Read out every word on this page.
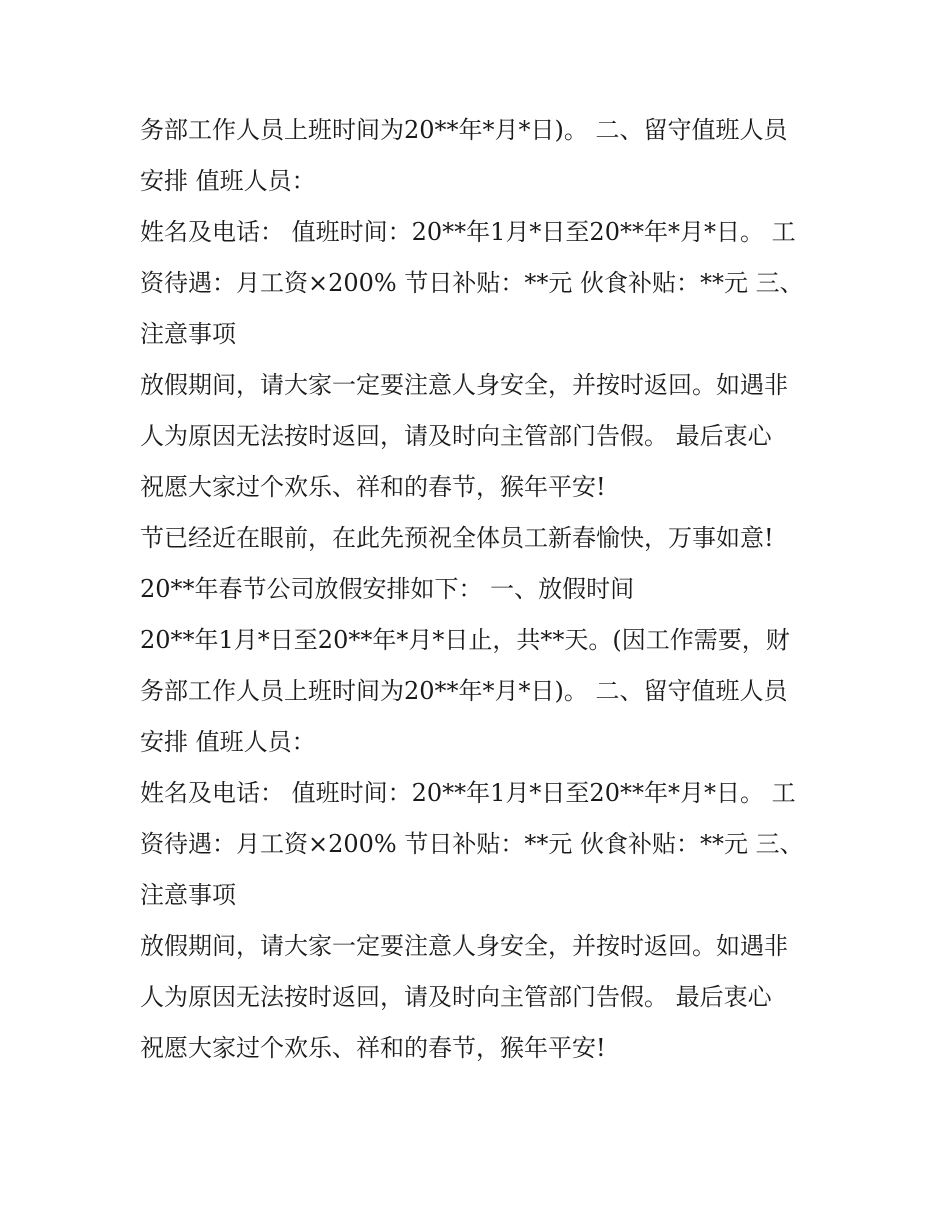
务部工作人员上班时间为20**年*月*日)。 二、留守值班人员
安排 值班人员：
姓名及电话： 值班时间：20**年1月*日至20**年*月*日。 工
资待遇：月工资×200% 节日补贴：**元 伙食补贴：**元 三、
注意事项
放假期间，请大家一定要注意人身安全，并按时返回。如遇非
人为原因无法按时返回，请及时向主管部门告假。 最后衷心
祝愿大家过个欢乐、祥和的春节，猴年平安!
节已经近在眼前，在此先预祝全体员工新春愉快，万事如意!
20**年春节公司放假安排如下： 一、放假时间
20**年1月*日至20**年*月*日止，共**天。(因工作需要，财
务部工作人员上班时间为20**年*月*日)。 二、留守值班人员
安排 值班人员：
姓名及电话： 值班时间：20**年1月*日至20**年*月*日。 工
资待遇：月工资×200% 节日补贴：**元 伙食补贴：**元 三、
注意事项
放假期间，请大家一定要注意人身安全，并按时返回。如遇非
人为原因无法按时返回，请及时向主管部门告假。 最后衷心
祝愿大家过个欢乐、祥和的春节，猴年平安!
